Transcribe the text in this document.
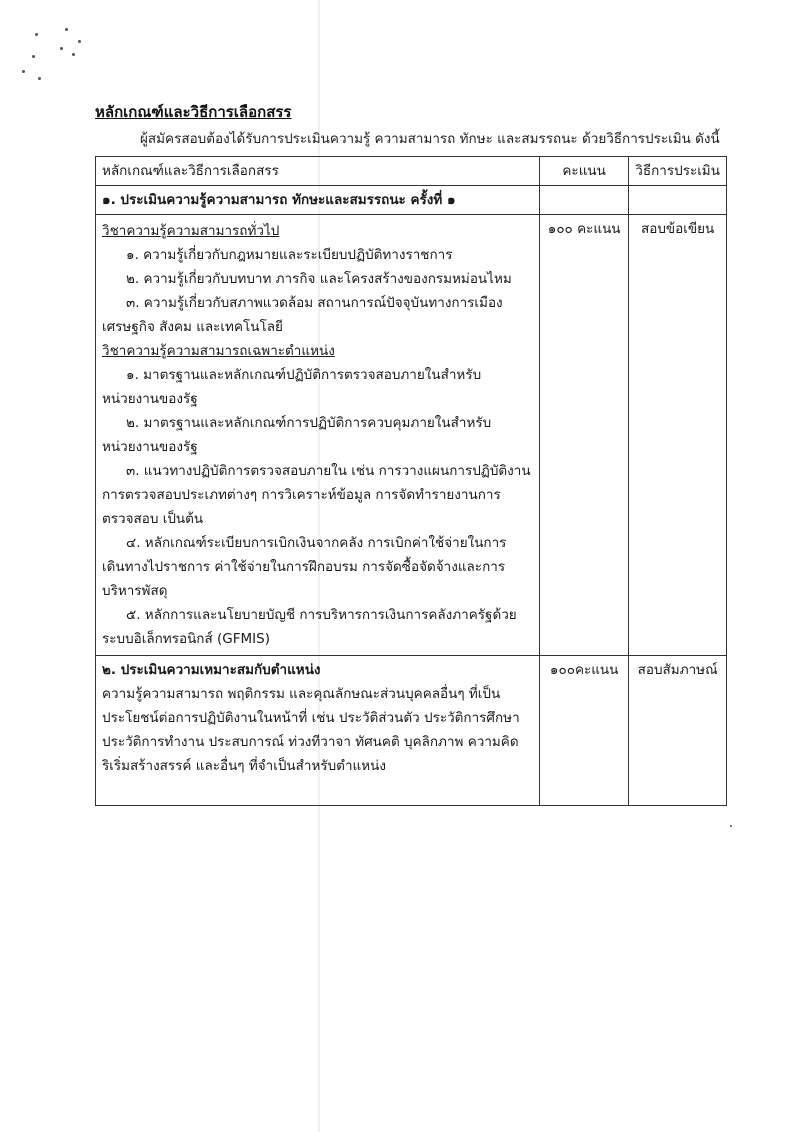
หลักเกณฑ์และวิธีการเลือกสรร
ผู้สมัครสอบต้องได้รับการประเมินความรู้ ความสามารถ ทักษะ และสมรรถนะ ด้วยวิธีการประเมิน ดังนี้
หลักเกณฑ์และวิธีการเลือกสรร	คะแนน	วิธีการประเมิน
๑. ประเมินความรู้ความสามารถ ทักษะและสมรรถนะ ครั้งที่ ๑		

วิชาความรู้ความสามารถทั่วไป
๑. ความรู้เกี่ยวกับกฎหมายและระเบียบปฏิบัติทางราชการ
๒. ความรู้เกี่ยวกับบทบาท ภารกิจ และโครงสร้างของกรมหม่อนไหม
๓. ความรู้เกี่ยวกับสภาพแวดล้อม สถานการณ์ปัจจุบันทางการเมือง
เศรษฐกิจ สังคม และเทคโนโลยี
วิชาความรู้ความสามารถเฉพาะตำแหน่ง
๑. มาตรฐานและหลักเกณฑ์ปฏิบัติการตรวจสอบภายในสำหรับ
หน่วยงานของรัฐ
๒. มาตรฐานและหลักเกณฑ์การปฏิบัติการควบคุมภายในสำหรับ
หน่วยงานของรัฐ
๓. แนวทางปฏิบัติการตรวจสอบภายใน เช่น การวางแผนการปฏิบัติงาน
การตรวจสอบประเภทต่างๆ การวิเคราะห์ข้อมูล การจัดทำรายงานการ
ตรวจสอบ เป็นต้น
๔. หลักเกณฑ์ระเบียบการเบิกเงินจากคลัง การเบิกค่าใช้จ่ายในการ
เดินทางไปราชการ ค่าใช้จ่ายในการฝึกอบรม การจัดซื้อจัดจ้างและการ
บริหารพัสดุ
๕. หลักการและนโยบายบัญชี การบริหารการเงินการคลังภาครัฐด้วย
ระบบอิเล็กทรอนิกส์ (GFMIS)
	๑๐๐ คะแนน	สอบข้อเขียน

๒. ประเมินความเหมาะสมกับตำแหน่ง
ความรู้ความสามารถ พฤติกรรม และคุณลักษณะส่วนบุคคลอื่นๆ ที่เป็น
ประโยชน์ต่อการปฏิบัติงานในหน้าที่ เช่น ประวัติส่วนตัว ประวัติการศึกษา
ประวัติการทำงาน ประสบการณ์ ท่วงทีวาจา ทัศนคติ บุคลิกภาพ ความคิด
ริเริ่มสร้างสรรค์ และอื่นๆ ที่จำเป็นสำหรับตำแหน่ง	๑๐๐คะแนน	สอบสัมภาษณ์
